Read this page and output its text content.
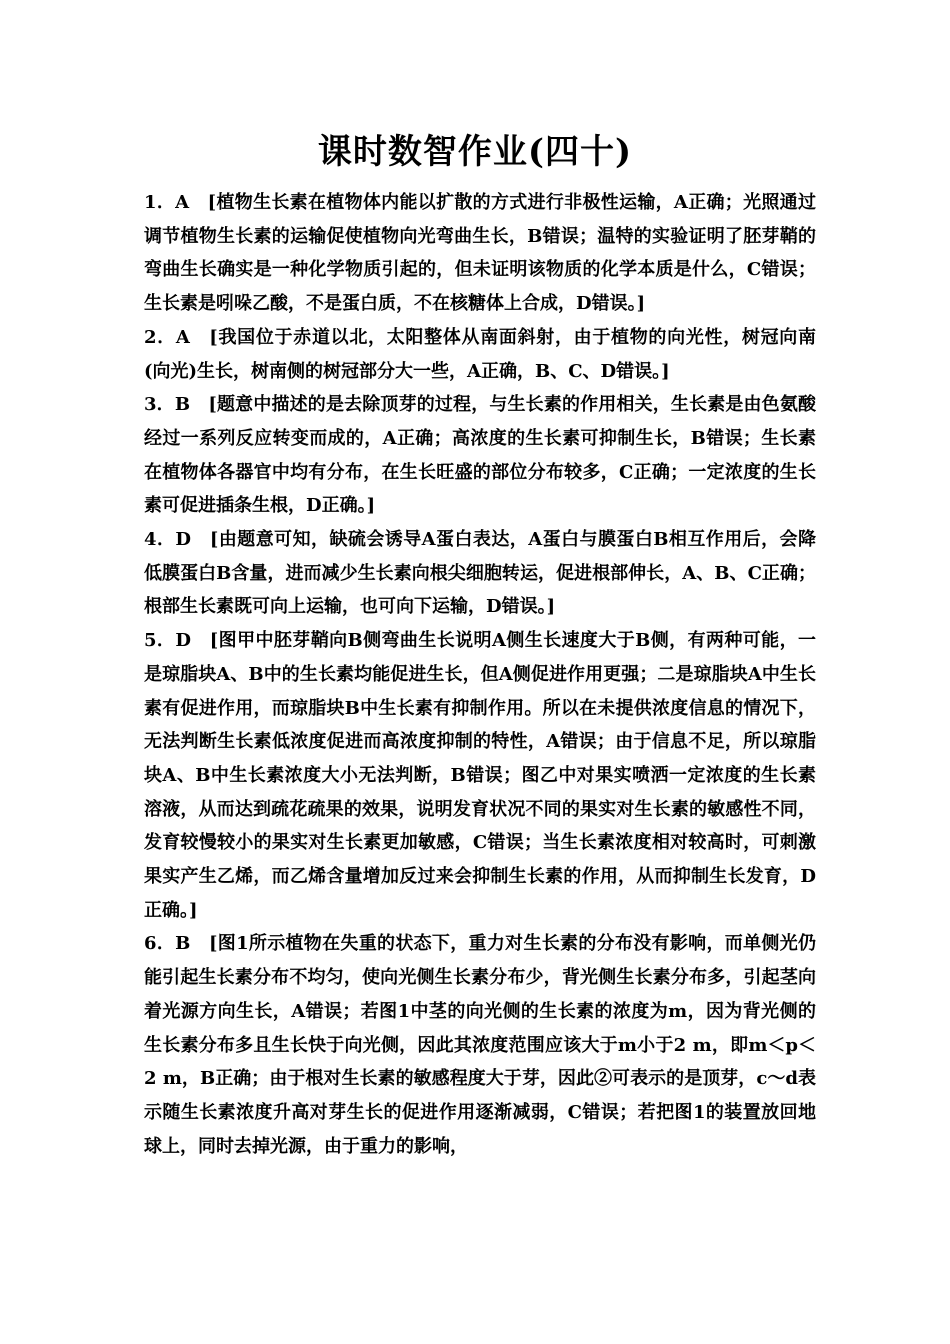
课时数智作业(四十)

1．A　[植物生长素在植物体内能以扩散的方式进行非极性运输，A正确；光照通过调节植物生长素的运输促使植物向光弯曲生长，B错误；温特的实验证明了胚芽鞘的弯曲生长确实是一种化学物质引起的，但未证明该物质的化学本质是什么，C错误；生长素是吲哚乙酸，不是蛋白质，不在核糖体上合成，D错误。]

2．A　[我国位于赤道以北，太阳整体从南面斜射，由于植物的向光性，树冠向南(向光)生长，树南侧的树冠部分大一些，A正确，B、C、D错误。]

3．B　[题意中描述的是去除顶芽的过程，与生长素的作用相关，生长素是由色氨酸经过一系列反应转变而成的，A正确；高浓度的生长素可抑制生长，B错误；生长素在植物体各器官中均有分布，在生长旺盛的部位分布较多，C正确；一定浓度的生长素可促进插条生根，D正确。]

4．D　[由题意可知，缺硫会诱导A蛋白表达，A蛋白与膜蛋白B相互作用后，会降低膜蛋白B含量，进而减少生长素向根尖细胞转运，促进根部伸长，A、B、C正确；根部生长素既可向上运输，也可向下运输，D错误。]

5．D　[图甲中胚芽鞘向B侧弯曲生长说明A侧生长速度大于B侧，有两种可能，一是琼脂块A、B中的生长素均能促进生长，但A侧促进作用更强；二是琼脂块A中生长素有促进作用，而琼脂块B中生长素有抑制作用。所以在未提供浓度信息的情况下，无法判断生长素低浓度促进而高浓度抑制的特性，A错误；由于信息不足，所以琼脂块A、B中生长素浓度大小无法判断，B错误；图乙中对果实喷洒一定浓度的生长素溶液，从而达到疏花疏果的效果，说明发育状况不同的果实对生长素的敏感性不同，发育较慢较小的果实对生长素更加敏感，C错误；当生长素浓度相对较高时，可刺激果实产生乙烯，而乙烯含量增加反过来会抑制生长素的作用，从而抑制生长发育，D正确。]

6．B　[图1所示植物在失重的状态下，重力对生长素的分布没有影响，而单侧光仍能引起生长素分布不均匀，使向光侧生长素分布少，背光侧生长素分布多，引起茎向着光源方向生长，A错误；若图1中茎的向光侧的生长素的浓度为m，因为背光侧的生长素分布多且生长快于向光侧，因此其浓度范围应该大于m小于2 m，即m＜p＜2 m，B正确；由于根对生长素的敏感程度大于芽，因此②可表示的是顶芽，c～d表示随生长素浓度升高对芽生长的促进作用逐渐减弱，C错误；若把图1的装置放回地球上，同时去掉光源，由于重力的影响，
